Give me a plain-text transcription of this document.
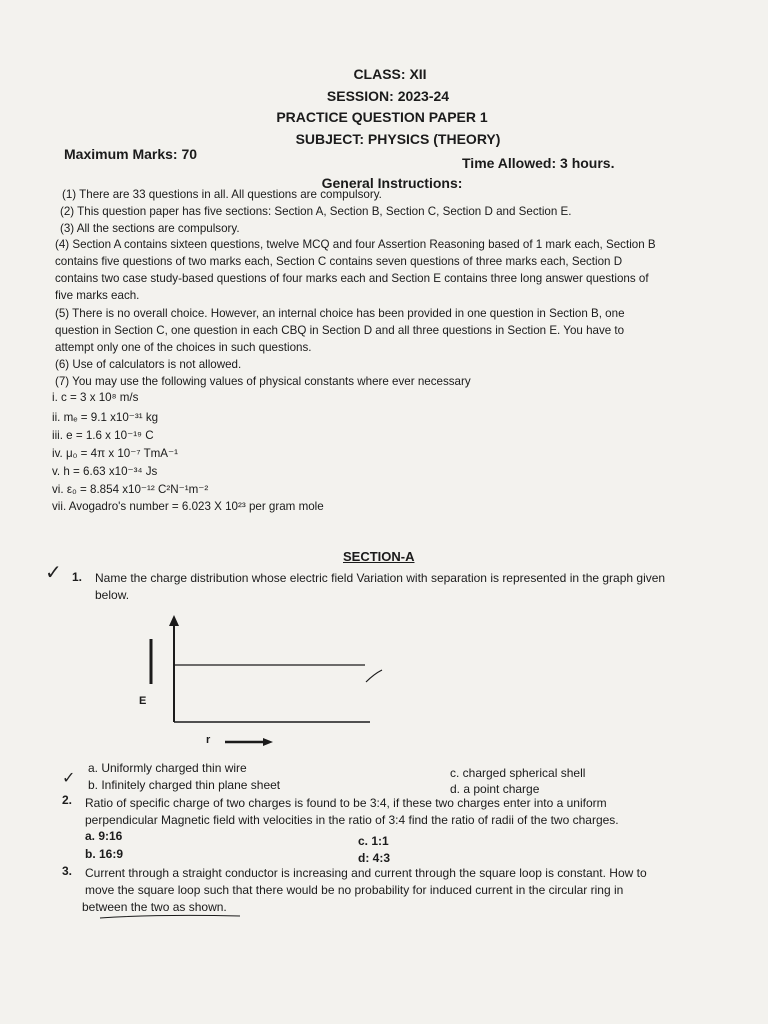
CLASS: XII
SESSION: 2023-24
PRACTICE QUESTION PAPER 1
SUBJECT: PHYSICS (THEORY)
Maximum Marks: 70
Time Allowed: 3 hours.
General Instructions:
(1) There are 33 questions in all. All questions are compulsory.
(2) This question paper has five sections: Section A, Section B, Section C, Section D and Section E.
(3) All the sections are compulsory.
(4) Section A contains sixteen questions, twelve MCQ and four Assertion Reasoning based of 1 mark each, Section B
contains five questions of two marks each, Section C contains seven questions of three marks each, Section D
contains two case study-based questions of four marks each and Section E contains three long answer questions of
five marks each.
(5) There is no overall choice. However, an internal choice has been provided in one question in Section B, one
question in Section C, one question in each CBQ in Section D and all three questions in Section E. You have to
attempt only one of the choices in such questions.
(6) Use of calculators is not allowed.
(7) You may use the following values of physical constants where ever necessary
i. c = 3 x 10⁸ m/s
ii. mₑ = 9.1 x10⁻³¹ kg
iii. e = 1.6 x 10⁻¹⁹ C
iv. μ₀ = 4π x 10⁻⁷ TmA⁻¹
v. h = 6.63 x10⁻³⁴ Js
vi. ε₀ = 8.854 x10⁻¹² C²N⁻¹m⁻²
vii. Avogadro's number = 6.023 X 10²³ per gram mole
SECTION-A
✓ 1. Name the charge distribution whose electric field Variation with separation is represented in the graph given
below.
E
r
a. Uniformly charged thin wire
b. Infinitely charged thin plane sheet
✓	c. charged spherical shell
d. a point charge
2. Ratio of specific charge of two charges is found to be 3:4, if these two charges enter into a uniform
perpendicular Magnetic field with velocities in the ratio of 3:4 find the ratio of radii of the two charges.
a. 9:16
b. 16:9
c. 1:1
d: 4:3
3. Current through a straight conductor is increasing and current through the square loop is constant. How to
move the square loop such that there would be no probability for induced current in the circular ring in
between the two as shown.
